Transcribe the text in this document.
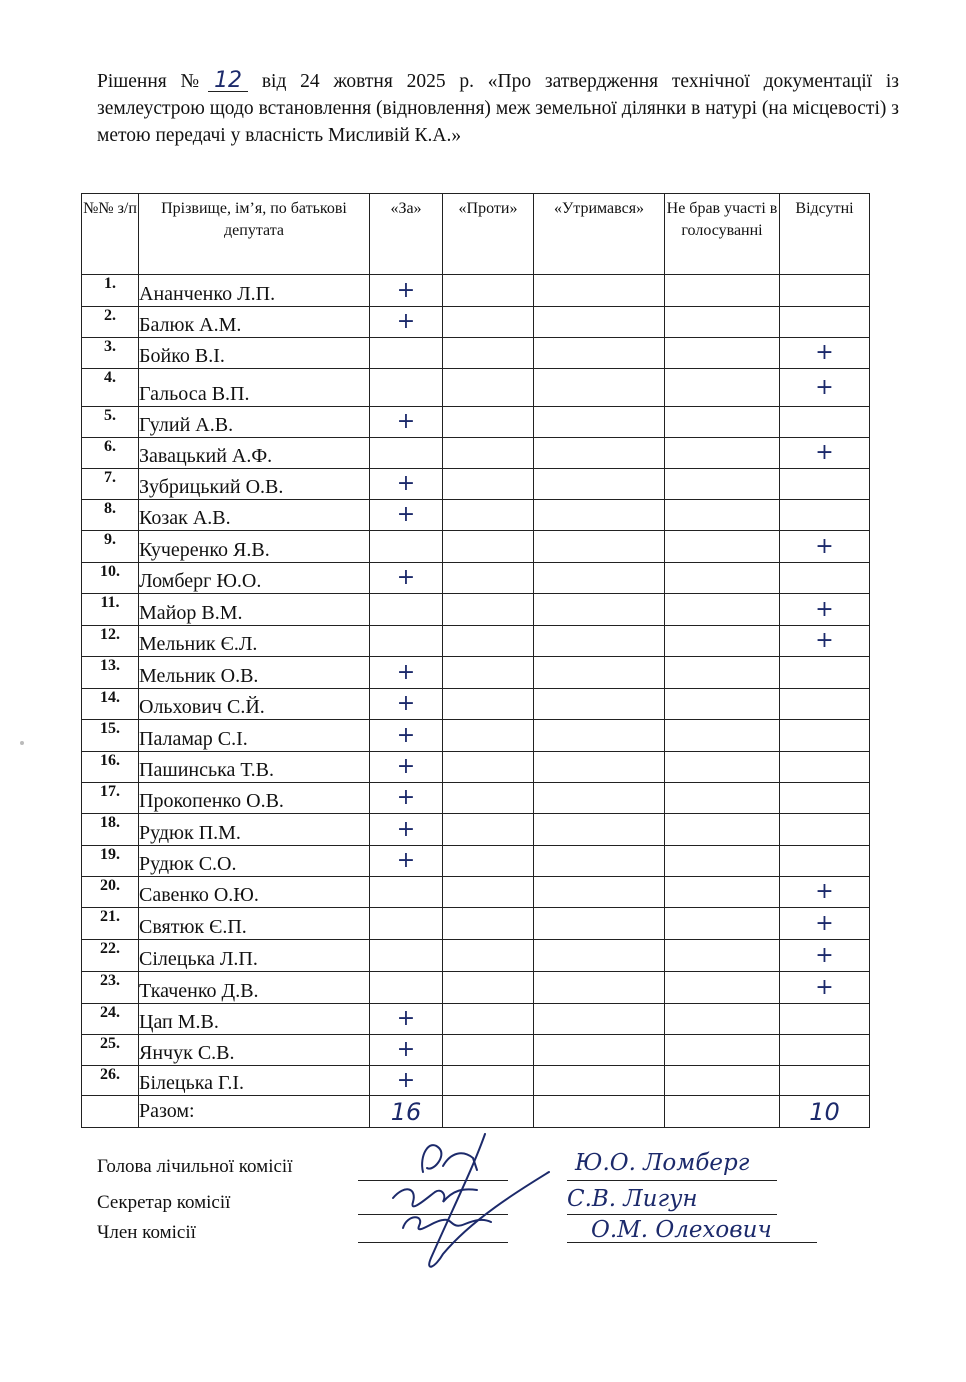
Рішення № 12 від 24 жовтня 2025 р. «Про затвердження технічної документації із землеустрою щодо встановлення (відновлення) меж земельної ділянки в натурі (на місцевості) з метою передачі у власність Мисливій К.А.»
№№ з/п	Прізвище, ім’я, по батькові депутата	«За»	«Проти»	«Утримався»	Не брав участі в голосуванні	Відсутні
1.	Ананченко Л.П.	+				
2.	Балюк А.М.	+				
3.	Бойко В.І.					+
4.	Гальоса В.П.					+
5.	Гулий А.В.	+				
6.	Завацький А.Ф.					+
7.	Зубрицький О.В.	+				
8.	Козак А.В.	+				
9.	Кучеренко Я.В.					+
10.	Ломберг Ю.О.	+				
11.	Майор В.М.					+
12.	Мельник Є.Л.					+
13.	Мельник О.В.	+				
14.	Ольхович С.Й.	+				
15.	Паламар С.І.	+				
16.	Пашинська Т.В.	+				
17.	Прокопенко О.В.	+				
18.	Рудюк П.М.	+				
19.	Рудюк С.О.	+				
20.	Савенко О.Ю.					+
21.	Святюк Є.П.					+
22.	Сілецька Л.П.					+
23.	Ткаченко Д.В.					+
24.	Цап М.В.	+				
25.	Янчук С.В.	+				
26.	Білецька Г.І.	+				
	Разом:	16				10
Голова лічильної комісії
Секретар комісії
Член комісії
Ю.О. Ломберг
С.В. Лигун
О.М. Олехович
